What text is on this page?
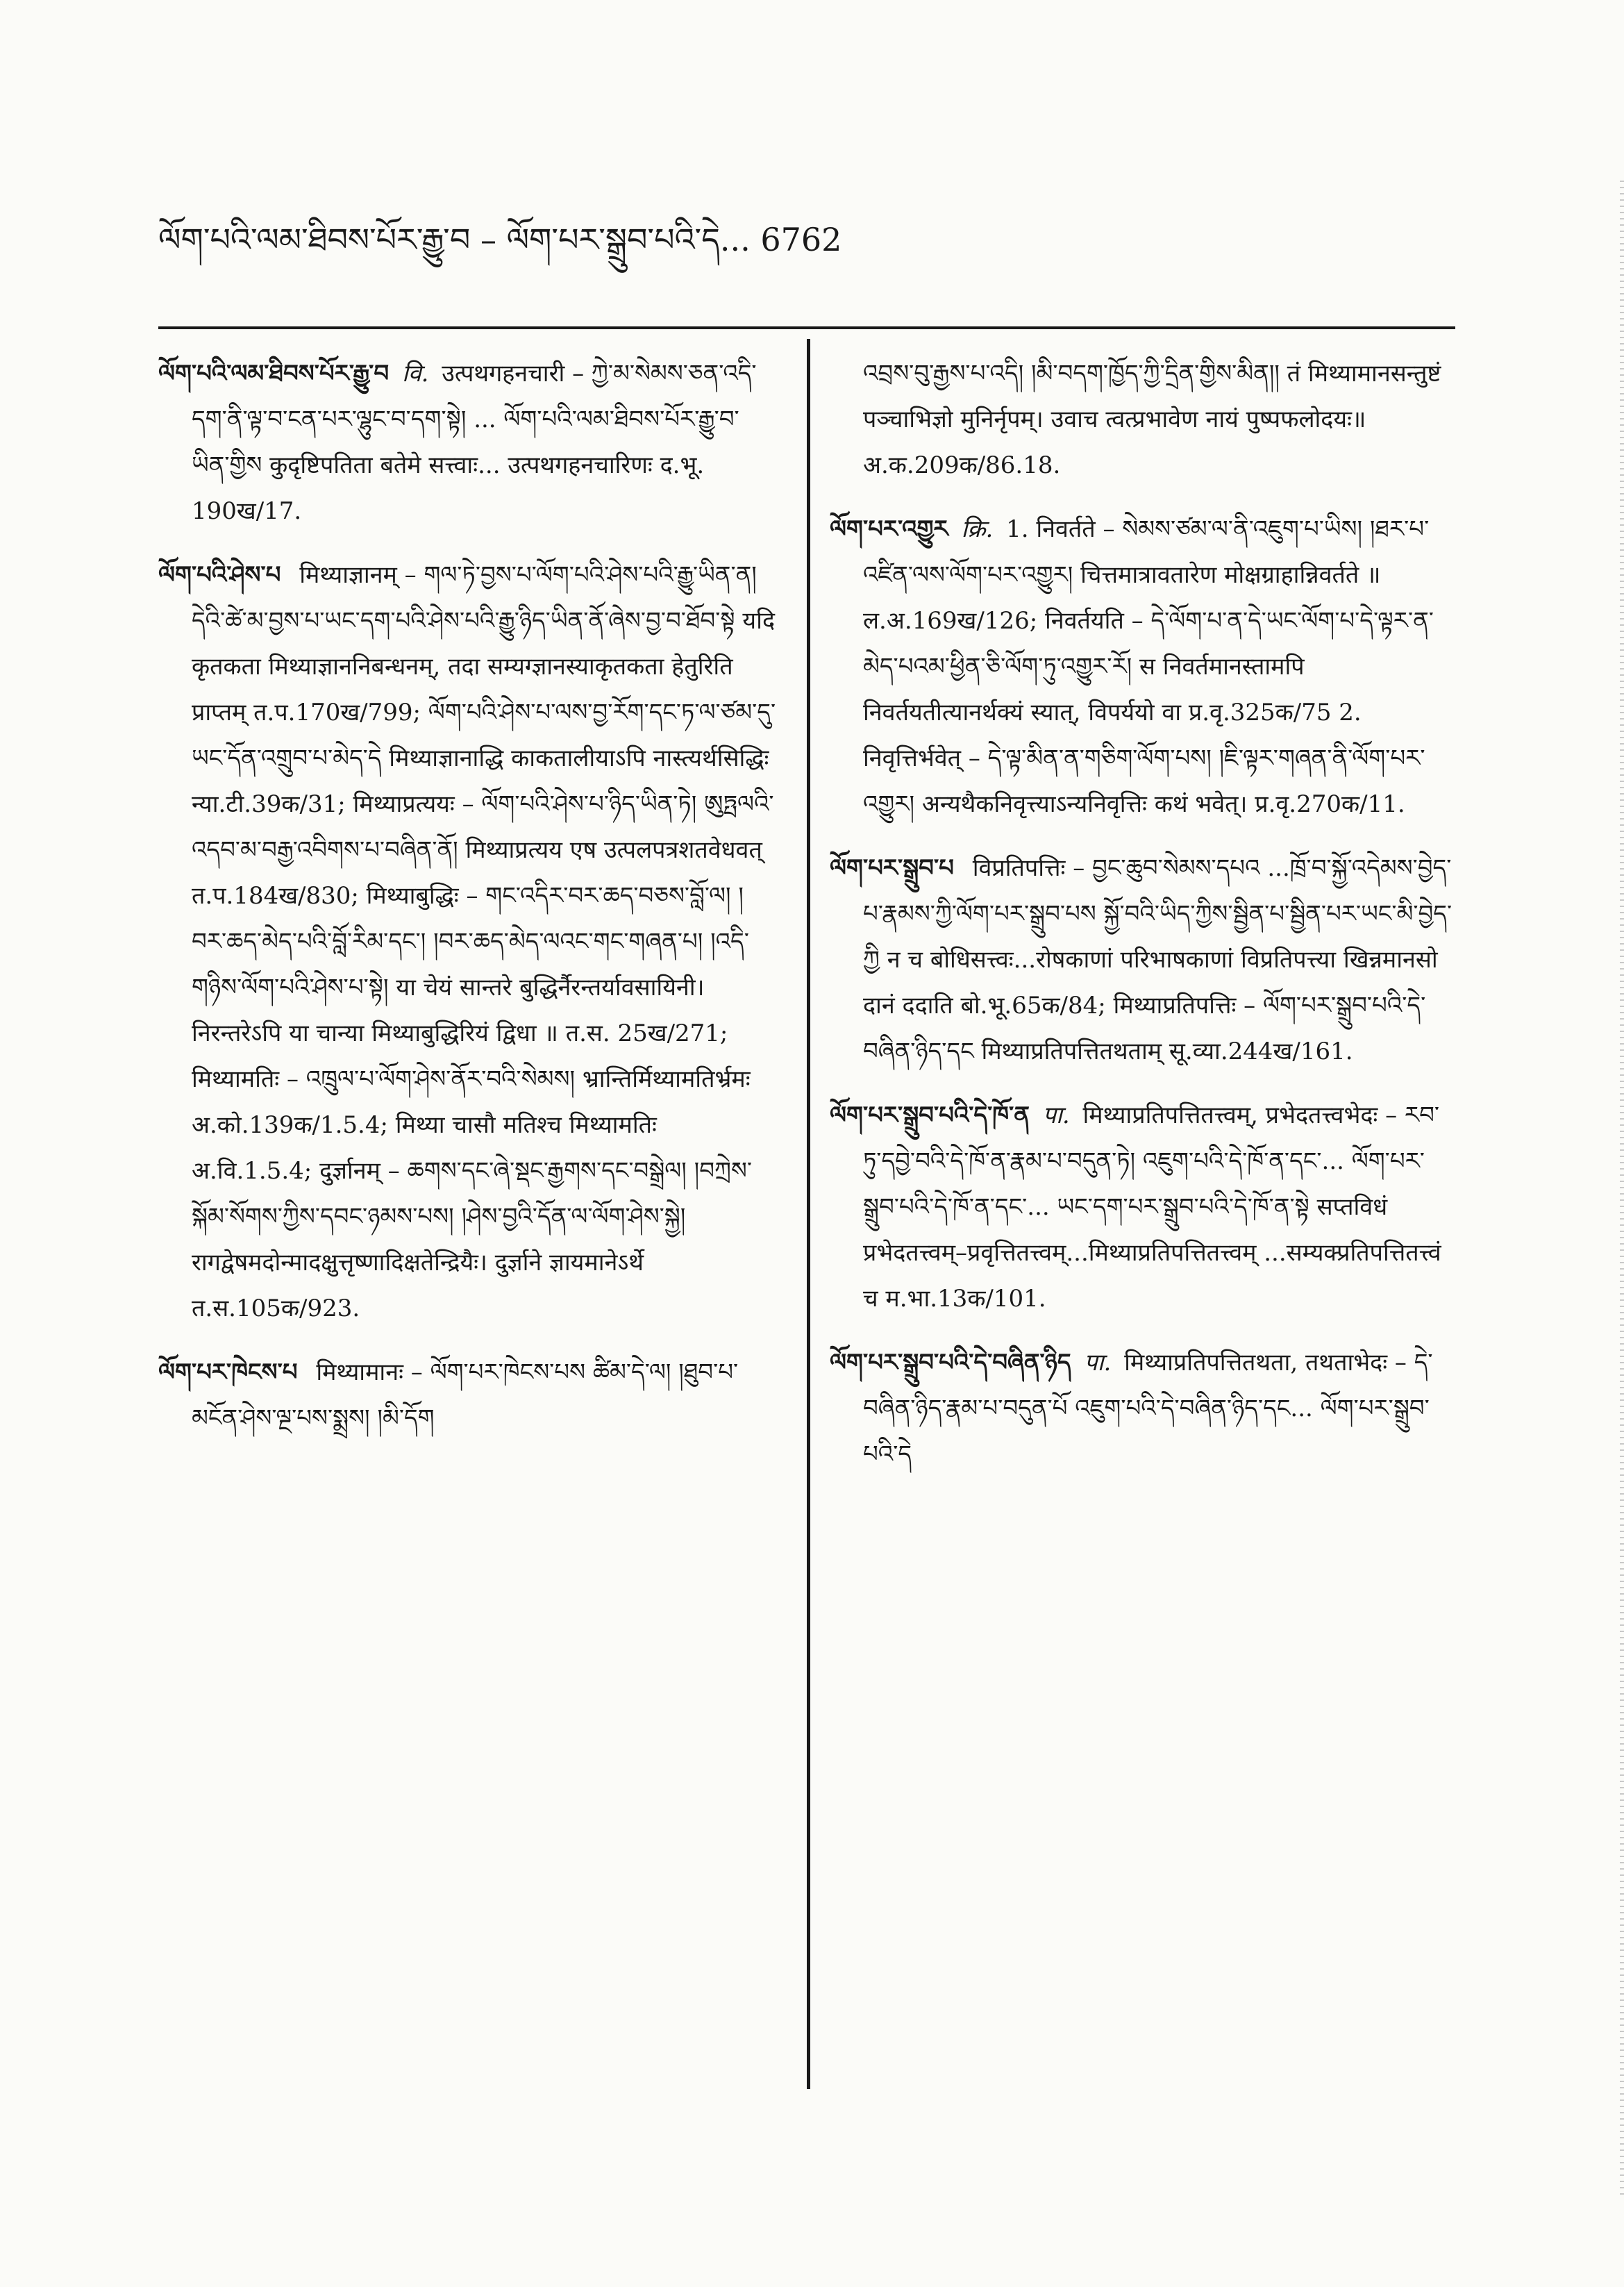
ལོག་པའི་ལམ་ཐིབས་པོར་རྒྱུ་བ – ལོག་པར་སྒྲུབ་པའི་དེ... 6762

ལོག་པའི་ལམ་ཐིབས་པོར་རྒྱུ་བ वि. उत्पथगहनचारी – ཀྱེ་མ་སེམས་ཅན་འདི་དག་ནི་ལྟ་བ་ངན་པར་ལྷུང་བ་དག་སྟེ། ... ལོག་པའི་ལམ་ཐིབས་པོར་རྒྱུ་བ་ཡིན་གྱིས कुदृष्टिपतिता बतेमे सत्त्वाः... उत्पथगहनचारिणः द.भू. 190ख/17.

ལོག་པའི་ཤེས་པ मिथ्याज्ञानम् – གལ་ཏེ་བྱས་པ་ལོག་པའི་ཤེས་པའི་རྒྱུ་ཡིན་ན། དེའི་ཚེ་མ་བྱས་པ་ཡང་དག་པའི་ཤེས་པའི་རྒྱུ་ཉིད་ཡིན་ནོ་ཞེས་བྱ་བ་ཐོབ་སྟེ यदि कृतकता मिथ्याज्ञाननिबन्धनम्, तदा सम्यग्ज्ञानस्याकृतकता हेतुरिति प्राप्तम् त.प.170ख/799; ལོག་པའི་ཤེས་པ་ལས་བྱ་རོག་དང་ཏ་ལ་ཙམ་དུ་ཡང་དོན་འགྲུབ་པ་མེད་དེ मिथ्याज्ञानाद्धि काकतालीयाऽपि नास्त्यर्थसिद्धिः न्या.टी.39क/31; मिथ्याप्रत्ययः – ལོག་པའི་ཤེས་པ་ཉིད་ཡིན་ཏེ། ཨུཏྤལའི་འདབ་མ་བརྒྱ་འབིགས་པ་བཞིན་ནོ། मिथ्याप्रत्यय एष उत्पलपत्रशतवेधवत् त.प.184ख/830; मिथ्याबुद्धिः – གང་འདིར་བར་ཆད་བཅས་བློ་ལ། །བར་ཆད་མེད་པའི་བློ་རིམ་དང་། །བར་ཆད་མེད་ལའང་གང་གཞན་པ། །འདི་གཉིས་ལོག་པའི་ཤེས་པ་སྟེ། या चेयं सान्तरे बुद्धिर्नैरन्तर्यावसायिनी। निरन्तरेऽपि या चान्या मिथ्याबुद्धिरियं द्विधा ॥ त.स. 25ख/271; मिथ्यामतिः – འཁྲུལ་པ་ལོག་ཤེས་ནོར་བའི་སེམས། भ्रान्तिर्मिथ्यामतिर्भ्रमः अ.को.139क/1.5.4; मिथ्या चासौ मतिश्च मिथ्यामतिः अ.वि.1.5.4; दुर्ज्ञानम् – ཆགས་དང་ཞེ་སྡང་རྒྱགས་དང་བསྒྲེལ། །བཀྲེས་སྐོམ་སོགས་ཀྱིས་དབང་ཉམས་པས། །ཤེས་བྱའི་དོན་ལ་ལོག་ཤེས་སྐྱེ། रागद्वेषमदोन्मादक्षुत्तृष्णादिक्षतेन्द्रियैः। दुर्ज्ञाने ज्ञायमानेऽर्थे त.स.105क/923.

ལོག་པར་ཁེངས་པ मिथ्यामानः – ལོག་པར་ཁེངས་པས ཚིམ་དེ་ལ། །ཐུབ་པ་མངོན་ཤེས་ལྔ་པས་སྨྲས། །མི་དོག

འབྲས་བུ་རྒྱས་པ་འདི། །མི་བདག་ཁྱོད་ཀྱི་དྲིན་གྱིས་མིན།། तं मिथ्यामानसन्तुष्टं पञ्चाभिज्ञो मुनिर्नृपम्। उवाच त्वत्प्रभावेण नायं पुष्पफलोदयः॥ अ.क.209क/86.18.

ལོག་པར་འགྱུར क्रि. 1. निवर्तते – སེམས་ཙམ་ལ་ནི་འཇུག་པ་ཡིས། །ཐར་པ་འཛིན་ལས་ལོག་པར་འགྱུར། चित्तमात्रावतारेण मोक्षग्राहान्निवर्तते ॥ ल.अ.169ख/126; निवर्तयति – དེ་ལོག་པ་ན་དེ་ཡང་ལོག་པ་དེ་ལྟར་ན་མེད་པའམ་ཕྱིན་ཅི་ལོག་ཏུ་འགྱུར་རོ། स निवर्तमानस्तामपि निवर्तयतीत्यानर्थक्यं स्यात्, विपर्ययो वा प्र.वृ.325क/75 2. निवृत्तिर्भवेत् – དེ་ལྟ་མིན་ན་གཅིག་ལོག་པས། །ཇི་ལྟར་གཞན་ནི་ལོག་པར་འགྱུར། अन्यथैकनिवृत्त्याऽन्यनिवृत्तिः कथं भवेत्। प्र.वृ.270क/11.

ལོག་པར་སྒྲུབ་པ विप्रतिपत्तिः – བྱང་ཆུབ་སེམས་དཔའ ...ཁྲོ་བ་སྐྱོ་འདེམས་བྱེད་པ་རྣམས་ཀྱི་ལོག་པར་སྒྲུབ་པས སྐྱོ་བའི་ཡིད་ཀྱིས་སྦྱིན་པ་སྦྱིན་པར་ཡང་མི་བྱེད་ཀྱི न च बोधिसत्त्वः...रोषकाणां परिभाषकाणां विप्रतिपत्त्या खिन्नमानसो दानं ददाति बो.भू.65क/84; मिथ्याप्रतिपत्तिः – ལོག་པར་སྒྲུབ་པའི་དེ་བཞིན་ཉིད་དང मिथ्याप्रतिपत्तितथताम् सू.व्या.244ख/161.

ལོག་པར་སྒྲུབ་པའི་དེ་ཁོ་ན पा. मिथ्याप्रतिपत्तितत्त्वम्, प्रभेदतत्त्वभेदः – རབ་ཏུ་དབྱེ་བའི་དེ་ཁོ་ན་རྣམ་པ་བདུན་ཏེ། འཇུག་པའི་དེ་ཁོ་ན་དང་... ལོག་པར་སྒྲུབ་པའི་དེ་ཁོ་ན་དང་... ཡང་དག་པར་སྒྲུབ་པའི་དེ་ཁོ་ན་སྟེ सप्तविधं प्रभेदतत्त्वम्–प्रवृत्तितत्त्वम्...मिथ्याप्रतिपत्तितत्त्वम् ...सम्यक्प्रतिपत्तितत्त्वं च म.भा.13क/101.

ལོག་པར་སྒྲུབ་པའི་དེ་བཞིན་ཉིད पा. मिथ्याप्रतिपत्तितथता, तथताभेदः – དེ་བཞིན་ཉིད་རྣམ་པ་བདུན་པོ འཇུག་པའི་དེ་བཞིན་ཉིད་དང... ལོག་པར་སྒྲུབ་པའི་དེ
